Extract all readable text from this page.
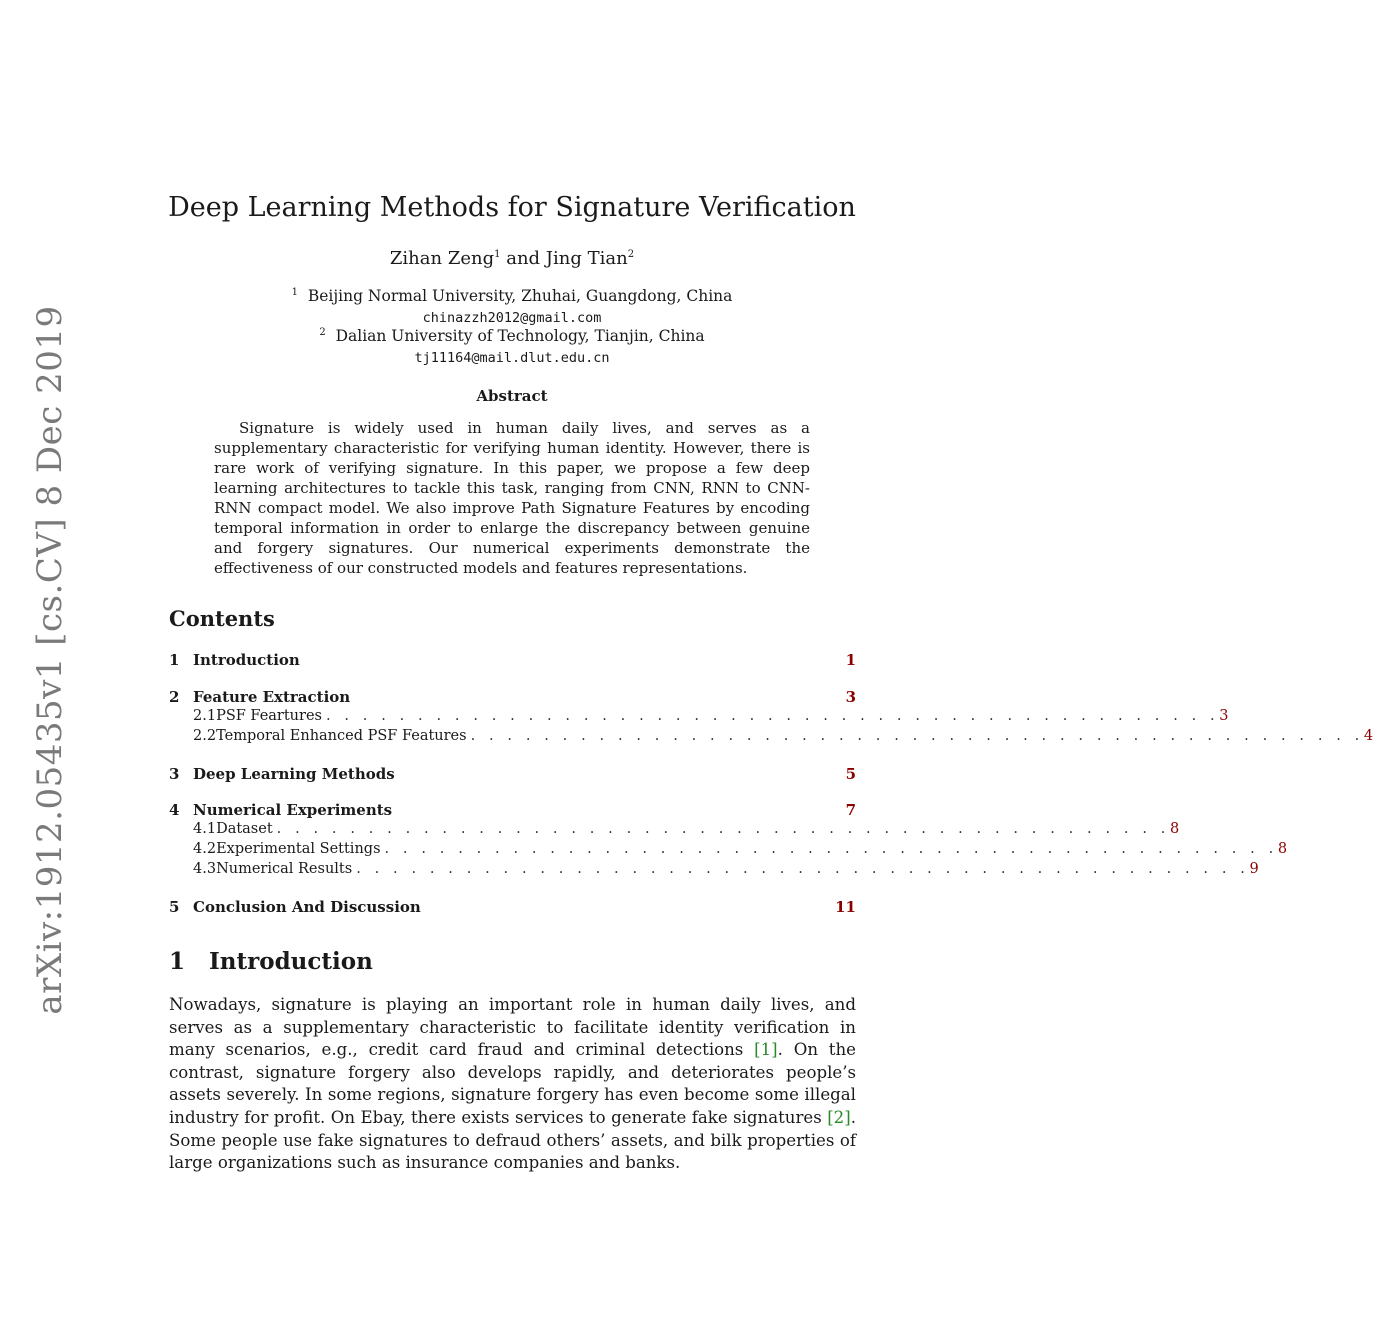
arXiv:1912.05435v1 [cs.CV] 8 Dec 2019
Deep Learning Methods for Signature Verification
Zihan Zeng$^1$ and Jing Tian$^2$
$^1$ Beijing Normal University, Zhuhai, Guangdong, China
chinazzh2012@gmail.com
$^2$ Dalian University of Technology, Tianjin, China
tj11164@mail.dlut.edu.cn
Abstract
Signature is widely used in human daily lives, and serves as a supplementary characteristic for verifying human identity. However, there is rare work of verifying signature. In this paper, we propose a few deep learning architectures to tackle this task, ranging from CNN, RNN to CNN-RNN compact model. We also improve Path Signature Features by encoding temporal information in order to enlarge the discrepancy between genuine and forgery signatures. Our numerical experiments demonstrate the effectiveness of our constructed models and features representations.
Contents
1 Introduction	1
2 Feature Extraction	3
2.1 PSF Feartures . . . . . . . . . . . . . . . . . . . . . . . . . . . . . . . . . . . . . . . . . . . . . . . . . 3
2.2 Temporal Enhanced PSF Features . . . . . . . . . . . . . . . . . . . . . . . . . . . . . . . . . . . . . . . . . . . . . . . . . 4
3 Deep Learning Methods	5
4 Numerical Experiments	7
4.1 Dataset . . . . . . . . . . . . . . . . . . . . . . . . . . . . . . . . . . . . . . . . . . . . . . . . . 8
4.2 Experimental Settings . . . . . . . . . . . . . . . . . . . . . . . . . . . . . . . . . . . . . . . . . . . . . . . . . 8
4.3 Numerical Results . . . . . . . . . . . . . . . . . . . . . . . . . . . . . . . . . . . . . . . . . . . . . . . . . 9
5 Conclusion And Discussion	11
1 Introduction
Nowadays, signature is playing an important role in human daily lives, and serves as a supplementary characteristic to facilitate identity verification in many scenarios, e.g., credit card fraud and criminal detections [1]. On the contrast, signature forgery also develops rapidly, and deteriorates people’s assets severely. In some regions, signature forgery has even become some illegal industry for profit. On Ebay, there exists services to generate fake signatures [2]. Some people use fake signatures to defraud others’ assets, and bilk properties of large organizations such as insurance companies and banks.
